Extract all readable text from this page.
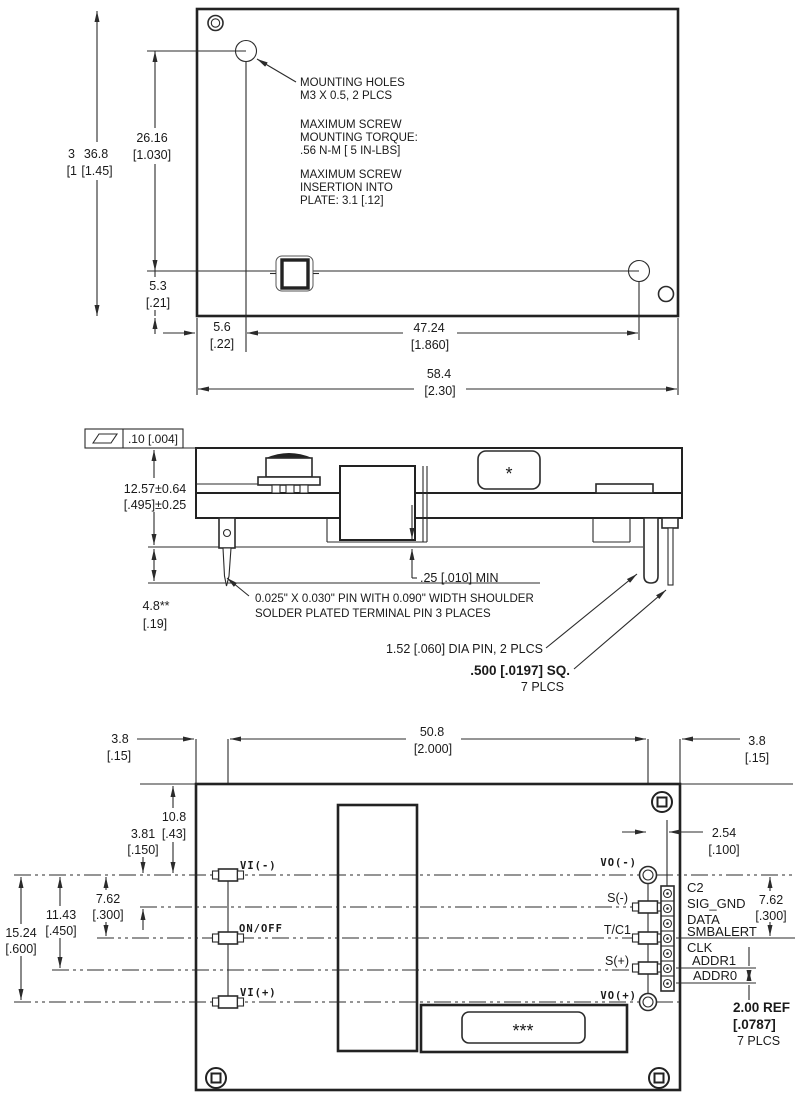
36.8
[1.45]
3
[1
26.16
[1.030]
5.3
[.21]
5.6
[.22]
47.24
[1.860]
58.4
[2.30]
MOUNTING HOLES
M3 X 0.5, 2 PLCS
MAXIMUM SCREW
MOUNTING TORQUE:
.56 N-M [ 5 IN-LBS]
MAXIMUM SCREW
INSERTION INTO
PLATE: 3.1 [.12]
.10 [.004]
*
12.57±0.64
[.495]±0.25
4.8**
[.19]
.25 [.010] MIN
0.025" X 0.030" PIN WITH 0.090" WIDTH SHOULDER
SOLDER PLATED TERMINAL PIN 3 PLACES
1.52 [.060] DIA PIN, 2 PLCS
.500 [.0197] SQ.
7 PLCS
***
3.8
[.15]
50.8
[2.000]
3.8
[.15]
10.8
[.43]
3.81
[.150]
7.62
[.300]
11.43
[.450]
15.24
[.600]
2.54
[.100]
7.62
[.300]
2.00 REF
[.0787]
7 PLCS
VI(-)
ON/OFF
VI(+)
VO(-)
S(-)
T/C1
S(+)
VO(+)
C2
SIG_GND
DATA
SMBALERT
CLK
ADDR1
ADDR0
